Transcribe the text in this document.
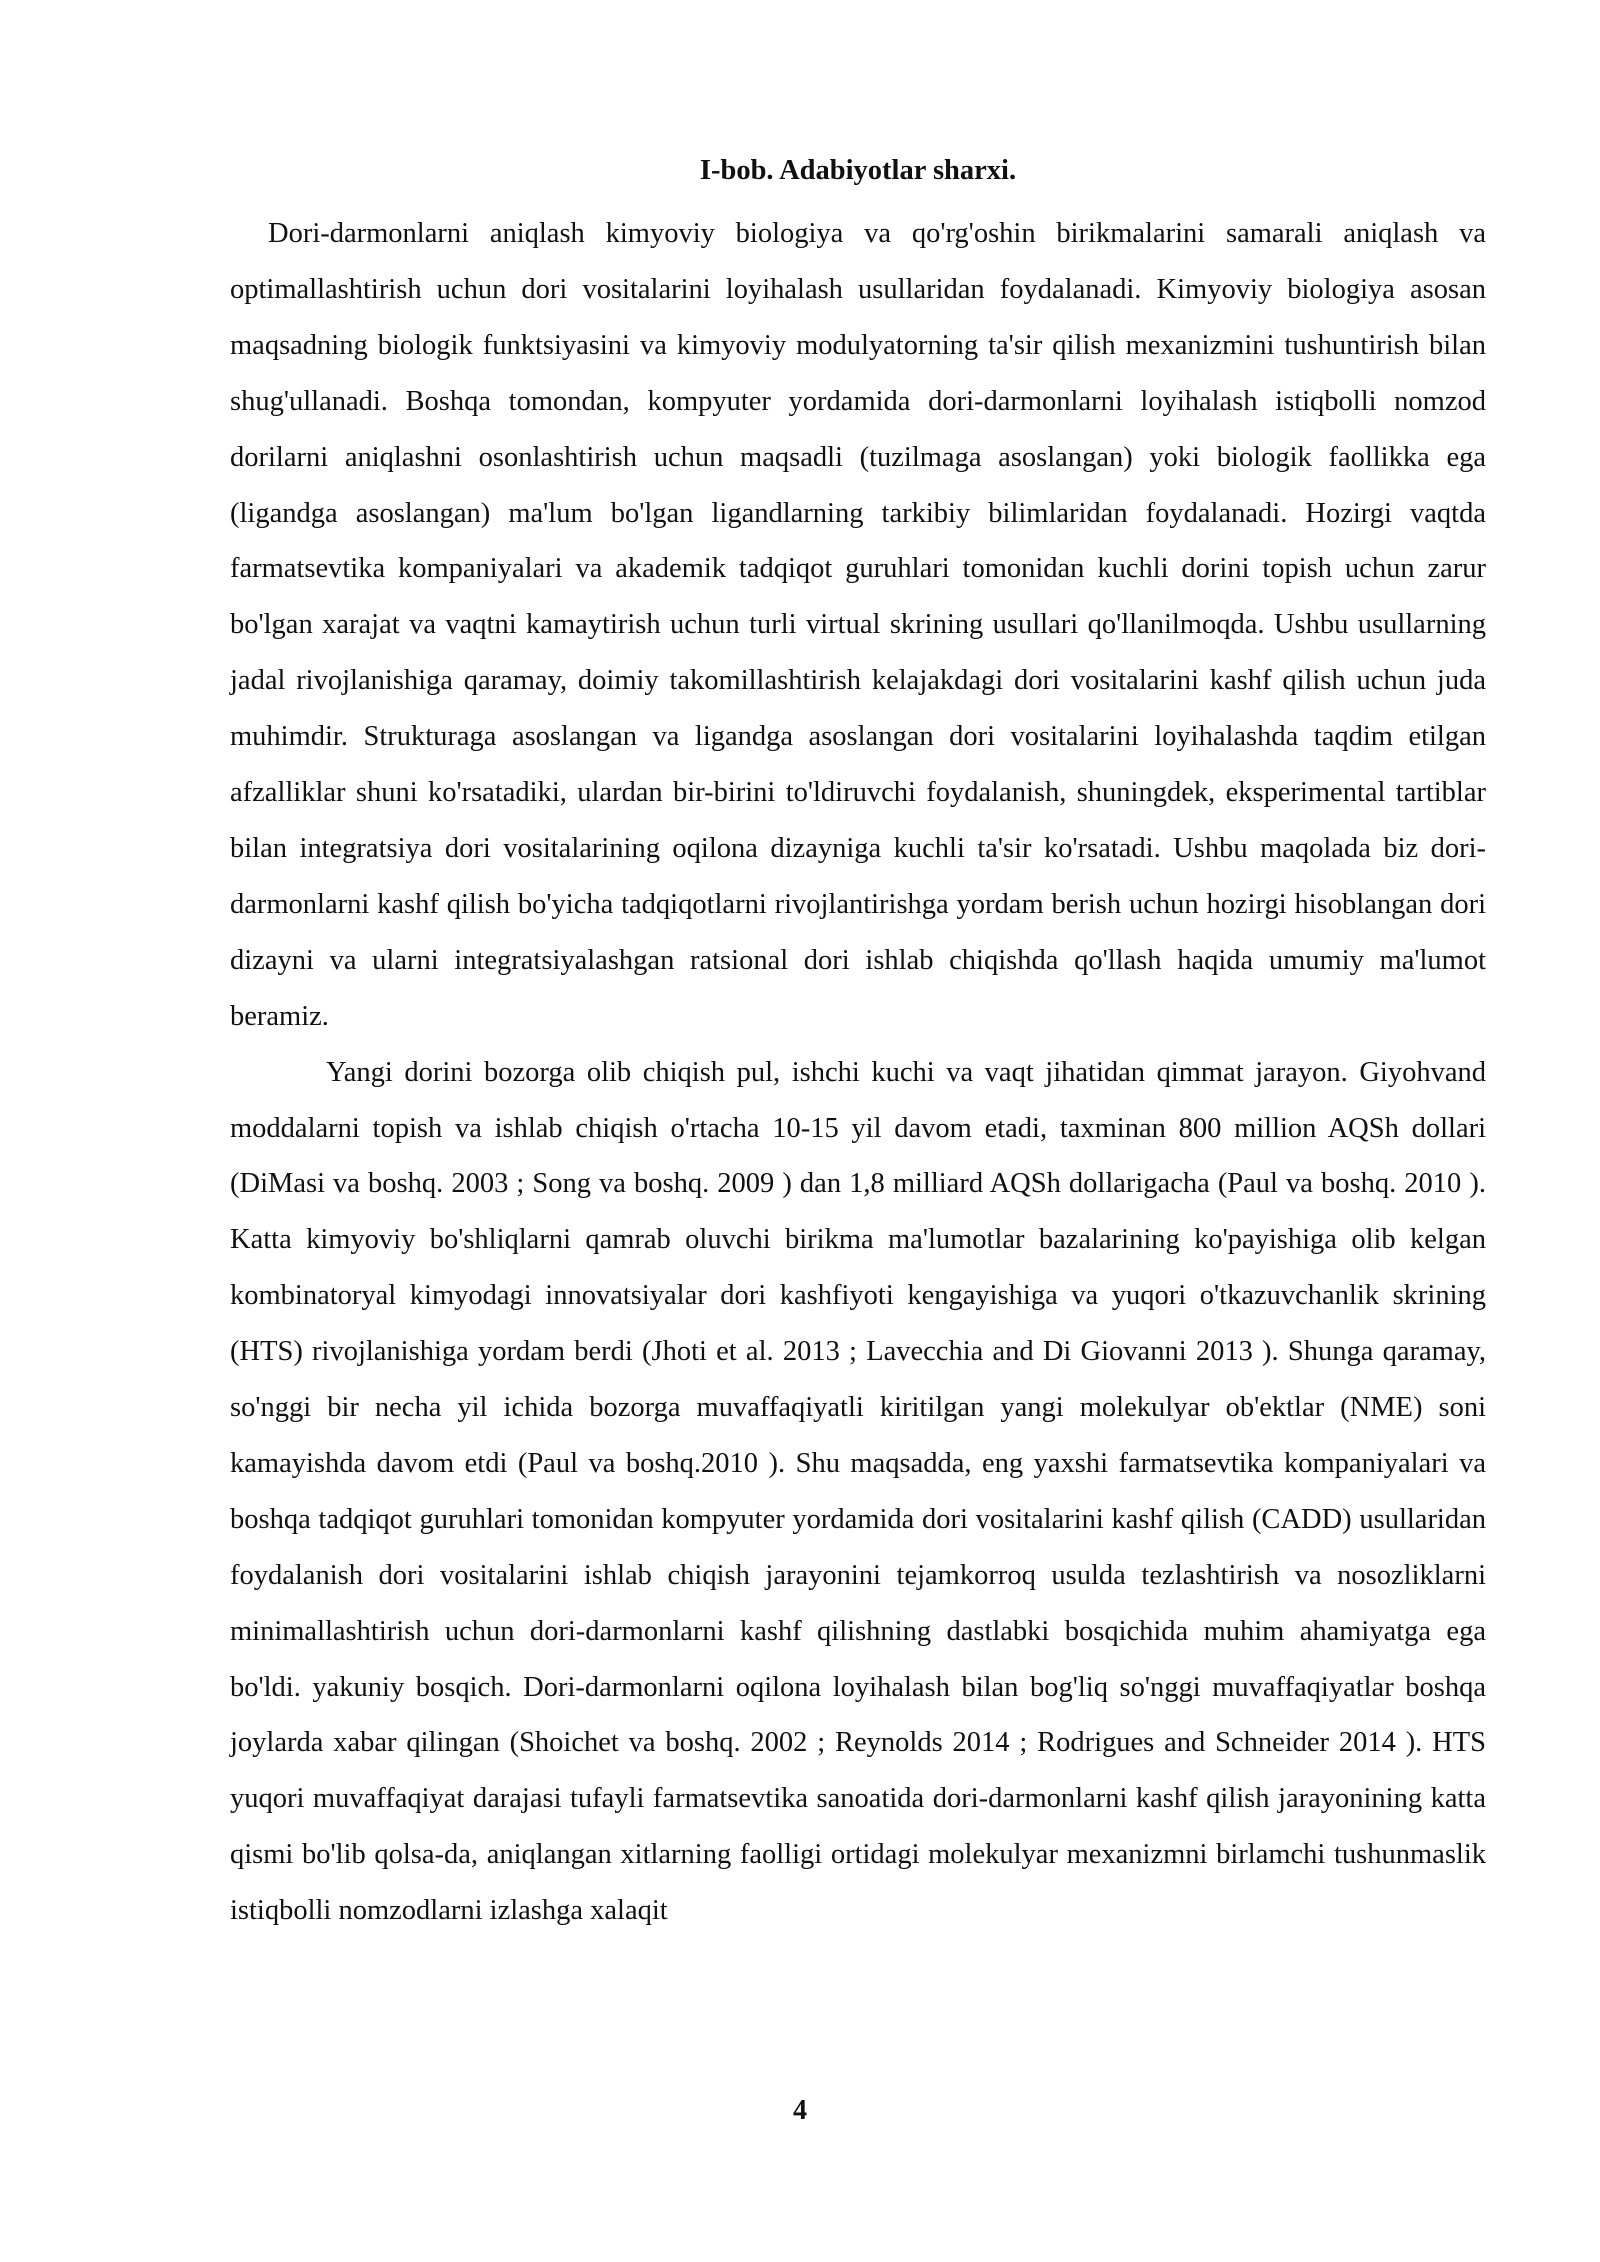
I-bob. Adabiyotlar sharxi.

Dori-darmonlarni aniqlash kimyoviy biologiya va qo'rg'oshin birikmalarini samarali aniqlash va optimallashtirish uchun dori vositalarini loyihalash usullaridan foydalanadi. Kimyoviy biologiya asosan maqsadning biologik funktsiyasini va kimyoviy modulyatorning ta'sir qilish mexanizmini tushuntirish bilan shug'ullanadi. Boshqa tomondan, kompyuter yordamida dori-darmonlarni loyihalash istiqbolli nomzod dorilarni aniqlashni osonlashtirish uchun maqsadli (tuzilmaga asoslangan) yoki biologik faollikka ega (ligandga asoslangan) ma'lum bo'lgan ligandlarning tarkibiy bilimlaridan foydalanadi. Hozirgi vaqtda farmatsevtika kompaniyalari va akademik tadqiqot guruhlari tomonidan kuchli dorini topish uchun zarur bo'lgan xarajat va vaqtni kamaytirish uchun turli virtual skrining usullari qo'llanilmoqda. Ushbu usullarning jadal rivojlanishiga qaramay, doimiy takomillashtirish kelajakdagi dori vositalarini kashf qilish uchun juda muhimdir. Strukturaga asoslangan va ligandga asoslangan dori vositalarini loyihalashda taqdim etilgan afzalliklar shuni ko'rsatadiki, ulardan bir-birini to'ldiruvchi foydalanish, shuningdek, eksperimental tartiblar bilan integratsiya dori vositalarining oqilona dizayniga kuchli ta'sir ko'rsatadi. Ushbu maqolada biz dori-darmonlarni kashf qilish bo'yicha tadqiqotlarni rivojlantirishga yordam berish uchun hozirgi hisoblangan dori dizayni va ularni integratsiyalashgan ratsional dori ishlab chiqishda qo'llash haqida umumiy ma'lumot beramiz.

Yangi dorini bozorga olib chiqish pul, ishchi kuchi va vaqt jihatidan qimmat jarayon. Giyohvand moddalarni topish va ishlab chiqish o'rtacha 10-15 yil davom etadi, taxminan 800 million AQSh dollari (DiMasi va boshq. 2003 ; Song va boshq. 2009 ) dan 1,8 milliard AQSh dollarigacha (Paul va boshq. 2010 ). Katta kimyoviy bo'shliqlarni qamrab oluvchi birikma ma'lumotlar bazalarining ko'payishiga olib kelgan kombinatoryal kimyodagi innovatsiyalar dori kashfiyoti kengayishiga va yuqori o'tkazuvchanlik skrining (HTS) rivojlanishiga yordam berdi (Jhoti et al. 2013 ; Lavecchia and Di Giovanni 2013 ). Shunga qaramay, so'nggi bir necha yil ichida bozorga muvaffaqiyatli kiritilgan yangi molekulyar ob'ektlar (NME) soni kamayishda davom etdi (Paul va boshq.2010 ). Shu maqsadda, eng yaxshi farmatsevtika kompaniyalari va boshqa tadqiqot guruhlari tomonidan kompyuter yordamida dori vositalarini kashf qilish (CADD) usullaridan foydalanish dori vositalarini ishlab chiqish jarayonini tejamkorroq usulda tezlashtirish va nosozliklarni minimallashtirish uchun dori-darmonlarni kashf qilishning dastlabki bosqichida muhim ahamiyatga ega bo'ldi. yakuniy bosqich. Dori-darmonlarni oqilona loyihalash bilan bog'liq so'nggi muvaffaqiyatlar boshqa joylarda xabar qilingan (Shoichet va boshq. 2002 ; Reynolds 2014 ; Rodrigues and Schneider 2014 ). HTS yuqori muvaffaqiyat darajasi tufayli farmatsevtika sanoatida dori-darmonlarni kashf qilish jarayonining katta qismi bo'lib qolsa-da, aniqlangan xitlarning faolligi ortidagi molekulyar mexanizmni birlamchi tushunmaslik istiqbolli nomzodlarni izlashga xalaqit

4
